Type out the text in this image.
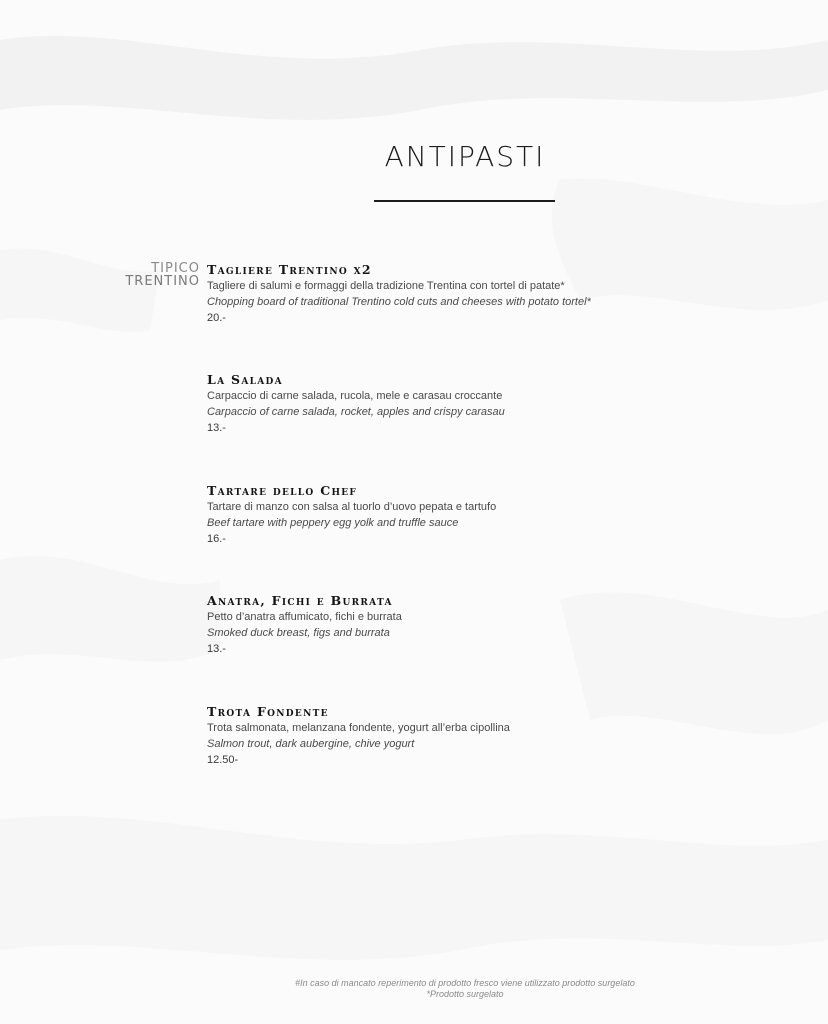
ANTIPASTI
TIPICO
TRENTINO
Tagliere Trentino x2
Tagliere di salumi e formaggi della tradizione Trentina con tortel di patate*
Chopping board of traditional Trentino cold cuts and cheeses with potato tortel*
20.-
La Salada
Carpaccio di carne salada, rucola, mele e carasau croccante
Carpaccio of carne salada, rocket, apples and crispy carasau
13.-
Tartare dello Chef
Tartare di manzo con salsa al tuorlo d’uovo pepata e tartufo
Beef tartare with peppery egg yolk and truffle sauce
16.-
Anatra, Fichi e Burrata
Petto d’anatra affumicato, fichi e burrata
Smoked duck breast, figs and burrata
13.-
Trota Fondente
Trota salmonata, melanzana fondente, yogurt all’erba cipollina
Salmon trout, dark aubergine, chive yogurt
12.50-
#In caso di mancato reperimento di prodotto fresco viene utilizzato prodotto surgelato
*Prodotto surgelato
